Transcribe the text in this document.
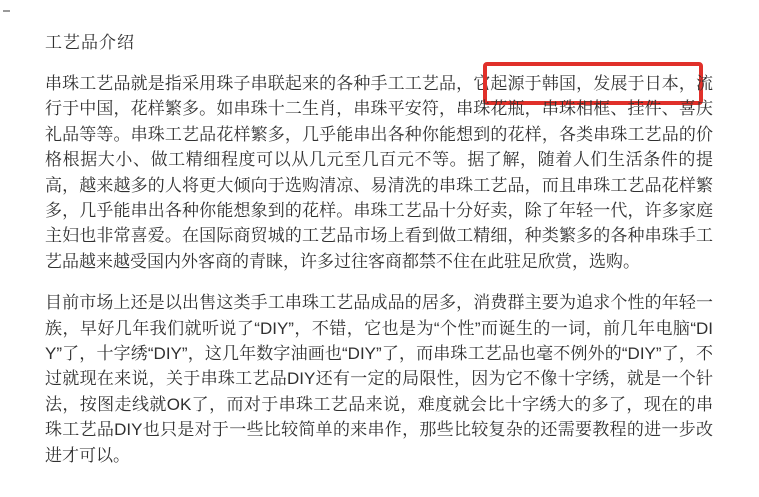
工艺品介绍

串珠工艺品就是指采用珠子串联起来的各种手工工艺品，它起源于韩国，发展于日本，流行于中国，花样繁多。如串珠十二生肖，串珠平安符，串珠花瓶，串珠相框、挂件、喜庆礼品等等。串珠工艺品花样繁多，几乎能串出各种你能想到的花样，各类串珠工艺品的价格根据大小、做工精细程度可以从几元至几百元不等。据了解，随着人们生活条件的提高，越来越多的人将更大倾向于选购清凉、易清洗的串珠工艺品，而且串珠工艺品花样繁多，几乎能串出各种你能想象到的花样。串珠工艺品十分好卖，除了年轻一代，许多家庭主妇也非常喜爱。在国际商贸城的工艺品市场上看到做工精细，种类繁多的各种串珠手工艺品越来越受国内外客商的青睐，许多过往客商都禁不住在此驻足欣赏，选购。

目前市场上还是以出售这类手工串珠工艺品成品的居多，消费群主要为追求个性的年轻一族，早好几年我们就听说了“DIY”，不错，它也是为“个性”而诞生的一词，前几年电脑“DIY”了，十字绣“DIY”，这几年数字油画也“DIY”了，而串珠工艺品也毫不例外的“DIY”了，不过就现在来说，关于串珠工艺品DIY还有一定的局限性，因为它不像十字绣，就是一个针法，按图走线就OK了，而对于串珠工艺品来说，难度就会比十字绣大的多了，现在的串珠工艺品DIY也只是对于一些比较简单的来串作，那些比较复杂的还需要教程的进一步改进才可以。
